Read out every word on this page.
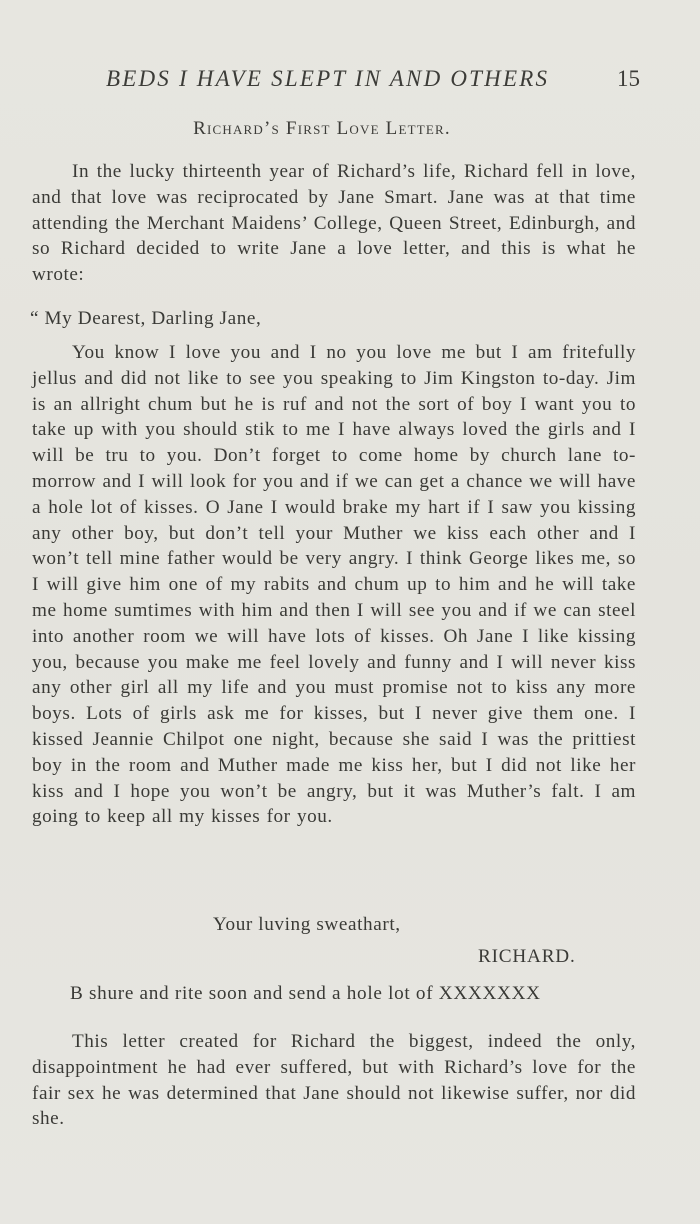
BEDS I HAVE SLEPT IN AND OTHERS	15
Richard’s First Love Letter.

In the lucky thirteenth year of Richard’s life, Richard fell in love, and that love was reciprocated by Jane Smart. Jane was at that time attending the Merchant Maidens’ College, Queen Street, Edinburgh, and so Richard decided to write Jane a love letter, and this is what he wrote:

“ My Dearest, Darling Jane,

You know I love you and I no you love me but I am fritefully jellus and did not like to see you speaking to Jim Kingston to-day. Jim is an allright chum but he is ruf and not the sort of boy I want you to take up with you should stik to me I have always loved the girls and I will be tru to you. Don’t forget to come home by church lane to-morrow and I will look for you and if we can get a chance we will have a hole lot of kisses. O Jane I would brake my hart if I saw you kissing any other boy, but don’t tell your Muther we kiss each other and I won’t tell mine father would be very angry. I think George likes me, so I will give him one of my rabits and chum up to him and he will take me home sumtimes with him and then I will see you and if we can steel into another room we will have lots of kisses. Oh Jane I like kissing you, because you make me feel lovely and funny and I will never kiss any other girl all my life and you must promise not to kiss any more boys. Lots of girls ask me for kisses, but I never give them one. I kissed Jeannie Chilpot one night, because she said I was the prittiest boy in the room and Muther made me kiss her, but I did not like her kiss and I hope you won’t be angry, but it was Muther’s falt. I am going to keep all my kisses for you.

Your luving sweathart,
RICHARD.
B shure and rite soon and send a hole lot of XXXXXXX

This letter created for Richard the biggest, indeed the only, disappointment he had ever suffered, but with Richard’s love for the fair sex he was determined that Jane should not likewise suffer, nor did she.
